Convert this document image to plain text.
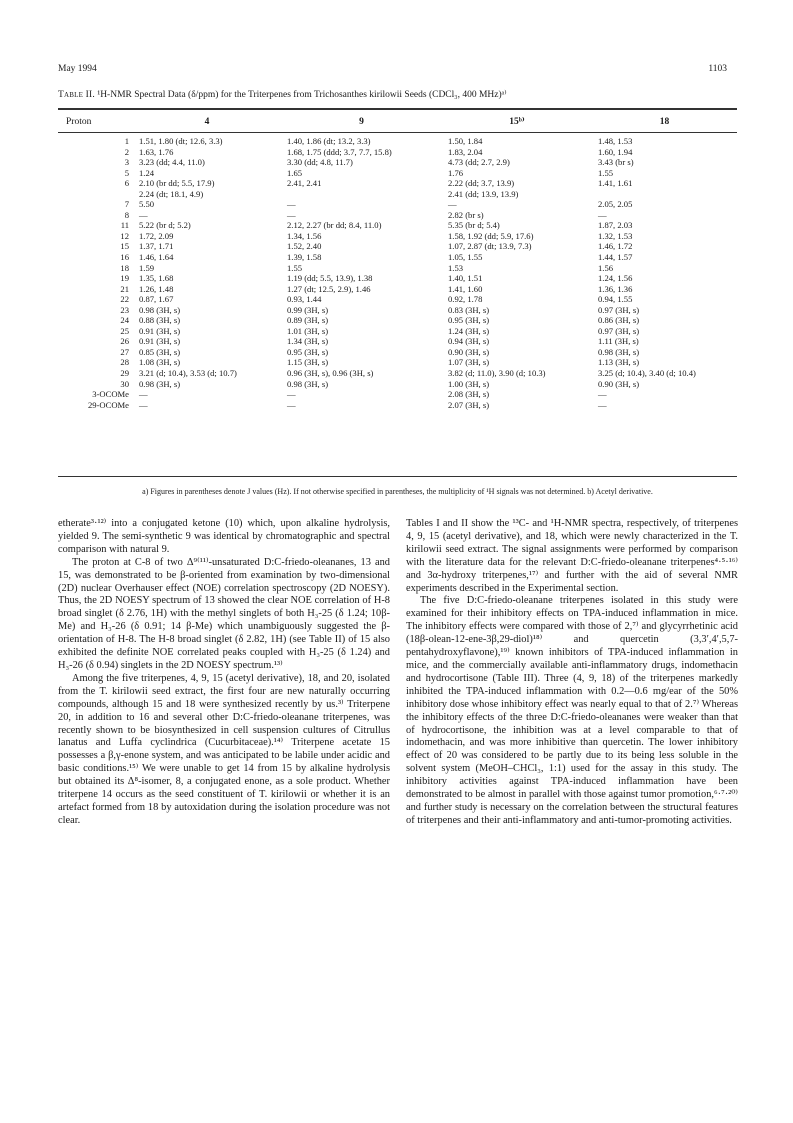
May 1994	1103
Table II. ¹H-NMR Spectral Data (δ/ppm) for the Triterpenes from Trichosanthes kirilowii Seeds (CDCl₃, 400 MHz)ᵃ⁾
Proton	4	9	15ᵇ⁾	18
1	1.51, 1.80 (dt; 12.6, 3.3)	1.40, 1.86 (dt; 13.2, 3.3)	1.50, 1.84	1.48, 1.53
2	1.63, 1.76	1.68, 1.75 (ddd; 3.7, 7.7, 15.8)	1.83, 2.04	1.60, 1.94
3	3.23 (dd; 4.4, 11.0)	3.30 (dd; 4.8, 11.7)	4.73 (dd; 2.7, 2.9)	3.43 (br s)
5	1.24	1.65	1.76	1.55
6	2.10 (br dd; 5.5, 17.9)	2.41, 2.41	2.22 (dd; 3.7, 13.9)	1.41, 1.61
	2.24 (dt; 18.1, 4.9)		2.41 (dd; 13.9, 13.9)	
7	5.50	—	—	2.05, 2.05
8	—	—	2.82 (br s)	—
11	5.22 (br d; 5.2)	2.12, 2.27 (br dd; 8.4, 11.0)	5.35 (br d; 5.4)	1.87, 2.03
12	1.72, 2.09	1.34, 1.56	1.58, 1.92 (dd; 5.9, 17.6)	1.32, 1.53
15	1.37, 1.71	1.52, 2.40	1.07, 2.87 (dt; 13.9, 7.3)	1.46, 1.72
16	1.46, 1.64	1.39, 1.58	1.05, 1.55	1.44, 1.57
18	1.59	1.55	1.53	1.56
19	1.35, 1.68	1.19 (dd; 5.5, 13.9), 1.38	1.40, 1.51	1.24, 1.56
21	1.26, 1.48	1.27 (dt; 12.5, 2.9), 1.46	1.41, 1.60	1.36, 1.36
22	0.87, 1.67	0.93, 1.44	0.92, 1.78	0.94, 1.55
23	0.98 (3H, s)	0.99 (3H, s)	0.83 (3H, s)	0.97 (3H, s)
24	0.88 (3H, s)	0.89 (3H, s)	0.95 (3H, s)	0.86 (3H, s)
25	0.91 (3H, s)	1.01 (3H, s)	1.24 (3H, s)	0.97 (3H, s)
26	0.91 (3H, s)	1.34 (3H, s)	0.94 (3H, s)	1.11 (3H, s)
27	0.85 (3H, s)	0.95 (3H, s)	0.90 (3H, s)	0.98 (3H, s)
28	1.08 (3H, s)	1.15 (3H, s)	1.07 (3H, s)	1.13 (3H, s)
29	3.21 (d; 10.4), 3.53 (d; 10.7)	0.96 (3H, s), 0.96 (3H, s)	3.82 (d; 11.0), 3.90 (d; 10.3)	3.25 (d; 10.4), 3.40 (d; 10.4)
30	0.98 (3H, s)	0.98 (3H, s)	1.00 (3H, s)	0.90 (3H, s)
3-OCOMe	—	—	2.08 (3H, s)	—
29-OCOMe	—	—	2.07 (3H, s)	—
a) Figures in parentheses denote J values (Hz). If not otherwise specified in parentheses, the multiplicity of ¹H signals was not determined. b) Acetyl derivative.

etherate³·¹²⁾ into a conjugated ketone (10) which, upon alkaline hydrolysis, yielded 9. The semi-synthetic 9 was identical by chromatographic and spectral comparison with natural 9.

The proton at C-8 of two Δ⁹⁽¹¹⁾-unsaturated D:C-friedo-oleananes, 13 and 15, was demonstrated to be β-oriented from examination by two-dimensional (2D) nuclear Overhauser effect (NOE) correlation spectroscopy (2D NOESY). Thus, the 2D NOESY spectrum of 13 showed the clear NOE correlation of H-8 broad singlet (δ 2.76, 1H) with the methyl singlets of both H₃-25 (δ 1.24; 10β-Me) and H₃-26 (δ 0.91; 14 β-Me) which unambiguously suggested the β-orientation of H-8. The H-8 broad singlet (δ 2.82, 1H) (see Table II) of 15 also exhibited the definite NOE correlated peaks coupled with H₃-25 (δ 1.24) and H₃-26 (δ 0.94) singlets in the 2D NOESY spectrum.¹³⁾

Among the five triterpenes, 4, 9, 15 (acetyl derivative), 18, and 20, isolated from the T. kirilowii seed extract, the first four are new naturally occurring compounds, although 15 and 18 were synthesized recently by us.³⁾ Triterpene 20, in addition to 16 and several other D:C-friedo-oleanane triterpenes, was recently shown to be biosynthesized in cell suspension cultures of Citrullus lanatus and Luffa cyclindrica (Cucurbitaceae).¹⁴⁾ Triterpene acetate 15 possesses a β,γ-enone system, and was anticipated to be labile under acidic and basic conditions.¹⁵⁾ We were unable to get 14 from 15 by alkaline hydrolysis but obtained its Δ⁸-isomer, 8, a conjugated enone, as a sole product. Whether triterpene 14 occurs as the seed constituent of T. kirilowii or whether it is an artefact formed from 18 by autoxidation during the isolation procedure was not clear.

Tables I and II show the ¹³C- and ¹H-NMR spectra, respectively, of triterpenes 4, 9, 15 (acetyl derivative), and 18, which were newly characterized in the T. kirilowii seed extract. The signal assignments were performed by comparison with the literature data for the relevant D:C-friedo-oleanane triterpenes⁴·⁵·¹⁶⁾ and 3α-hydroxy triterpenes,¹⁷⁾ and further with the aid of several NMR experiments described in the Experimental section.

The five D:C-friedo-oleanane triterpenes isolated in this study were examined for their inhibitory effects on TPA-induced inflammation in mice. The inhibitory effects were compared with those of 2,⁷⁾ and glycyrrhetinic acid (18β-olean-12-ene-3β,29-diol)¹⁸⁾ and quercetin (3,3′,4′,5,7-pentahydroxyflavone),¹⁹⁾ known inhibitors of TPA-induced inflammation in mice, and the commercially available anti-inflammatory drugs, indomethacin and hydrocortisone (Table III). Three (4, 9, 18) of the triterpenes markedly inhibited the TPA-induced inflammation with 0.2—0.6 mg/ear of the 50% inhibitory dose whose inhibitory effect was nearly equal to that of 2.⁷⁾ Whereas the inhibitory effects of the three D:C-friedo-oleananes were weaker than that of hydrocortisone, the inhibition was at a level comparable to that of indomethacin, and was more inhibitive than quercetin. The lower inhibitory effect of 20 was considered to be partly due to its being less soluble in the solvent system (MeOH–CHCl₃, 1:1) used for the assay in this study. The inhibitory activities against TPA-induced inflammation have been demonstrated to be almost in parallel with those against tumor promotion,⁶·⁷·²⁰⁾ and further study is necessary on the correlation between the structural features of triterpenes and their anti-inflammatory and anti-tumor-promoting activities.
